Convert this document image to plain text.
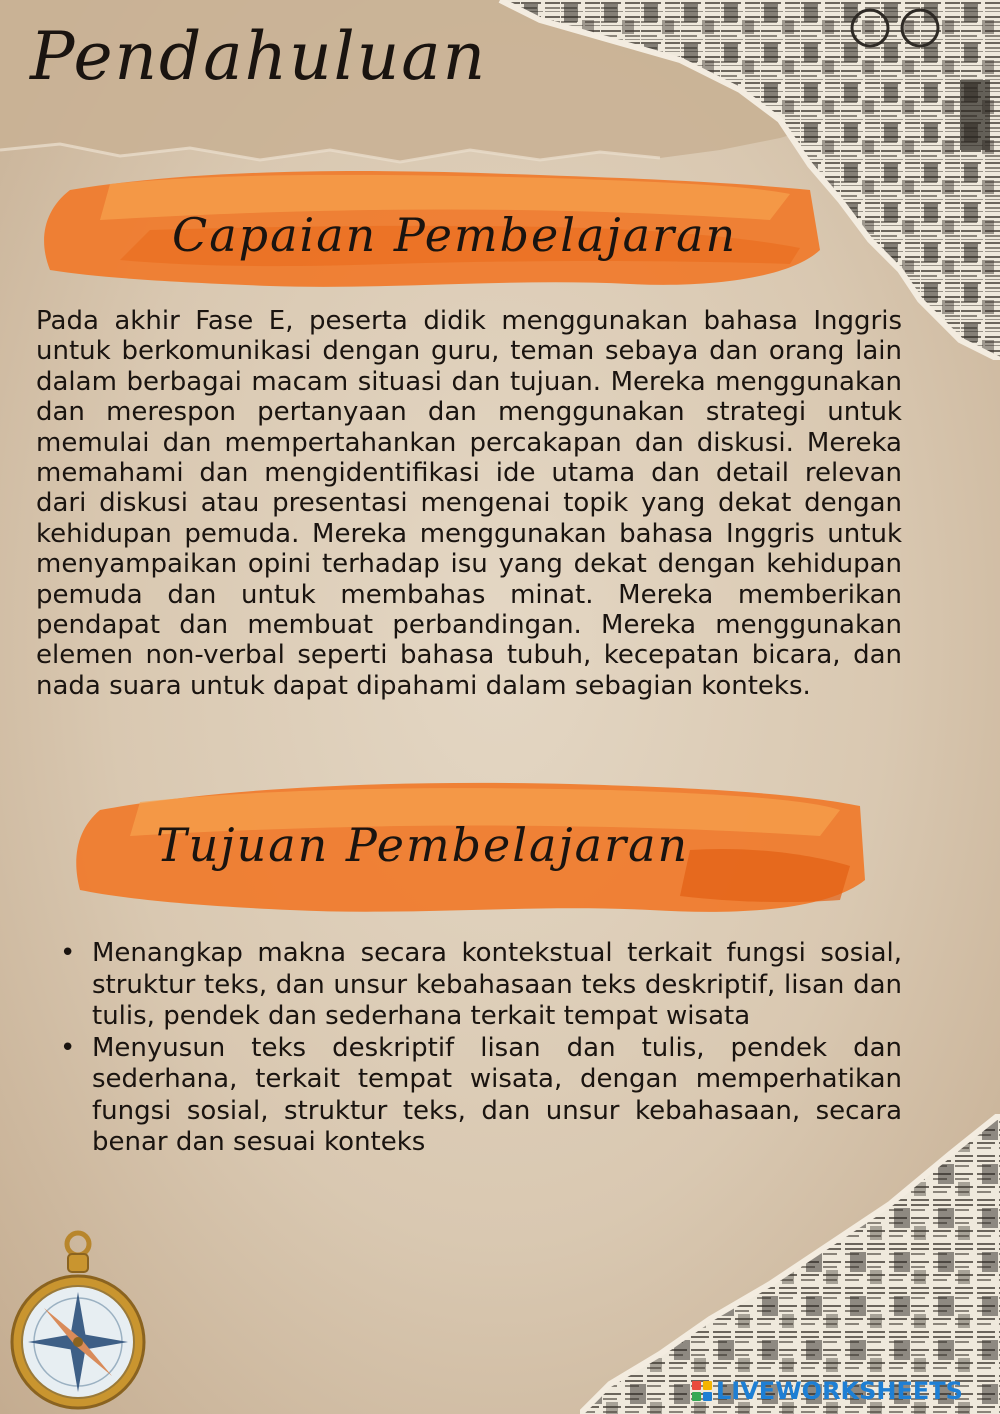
Pendahuluan
Capaian Pembelajaran
Tujuan Pembelajaran

Pada akhir Fase E, peserta didik menggunakan bahasa Inggris untuk berkomunikasi dengan guru, teman sebaya dan orang lain dalam berbagai macam situasi dan tujuan. Mereka menggunakan dan merespon pertanyaan dan menggunakan strategi untuk memulai dan mempertahankan percakapan dan diskusi. Mereka memahami dan mengidentifikasi ide utama dan detail relevan dari diskusi atau presentasi mengenai topik yang dekat dengan kehidupan pemuda. Mereka menggunakan bahasa Inggris untuk menyampaikan opini terhadap isu yang dekat dengan kehidupan pemuda dan untuk membahas minat. Mereka memberikan pendapat dan membuat perbandingan. Mereka menggunakan elemen non-verbal seperti bahasa tubuh, kecepatan bicara, dan nada suara untuk dapat dipahami dalam sebagian konteks.

• Menangkap makna secara kontekstual terkait fungsi sosial, struktur teks, dan unsur kebahasaan teks deskriptif, lisan dan tulis, pendek dan sederhana terkait tempat wisata
• Menyusun teks deskriptif lisan dan tulis, pendek dan sederhana, terkait tempat wisata, dengan memperhatikan fungsi sosial, struktur teks, dan unsur kebahasaan, secara benar dan sesuai konteks
LIVEWORKSHEETS
